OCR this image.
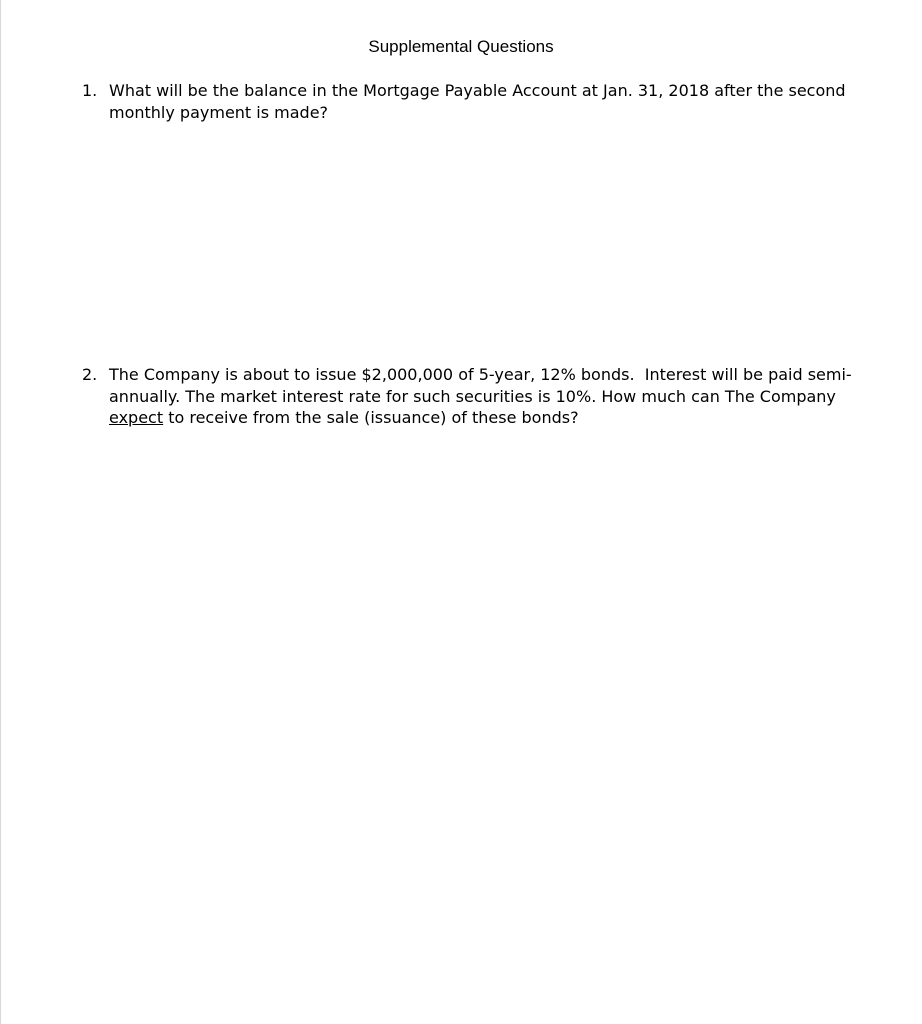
Supplemental Questions
1. What will be the balance in the Mortgage Payable Account at Jan. 31, 2018 after the second
monthly payment is made?
2. The Company is about to issue $2,000,000 of 5-year, 12% bonds.  Interest will be paid semi-
annually. The market interest rate for such securities is 10%. How much can The Company
expect to receive from the sale (issuance) of these bonds?
